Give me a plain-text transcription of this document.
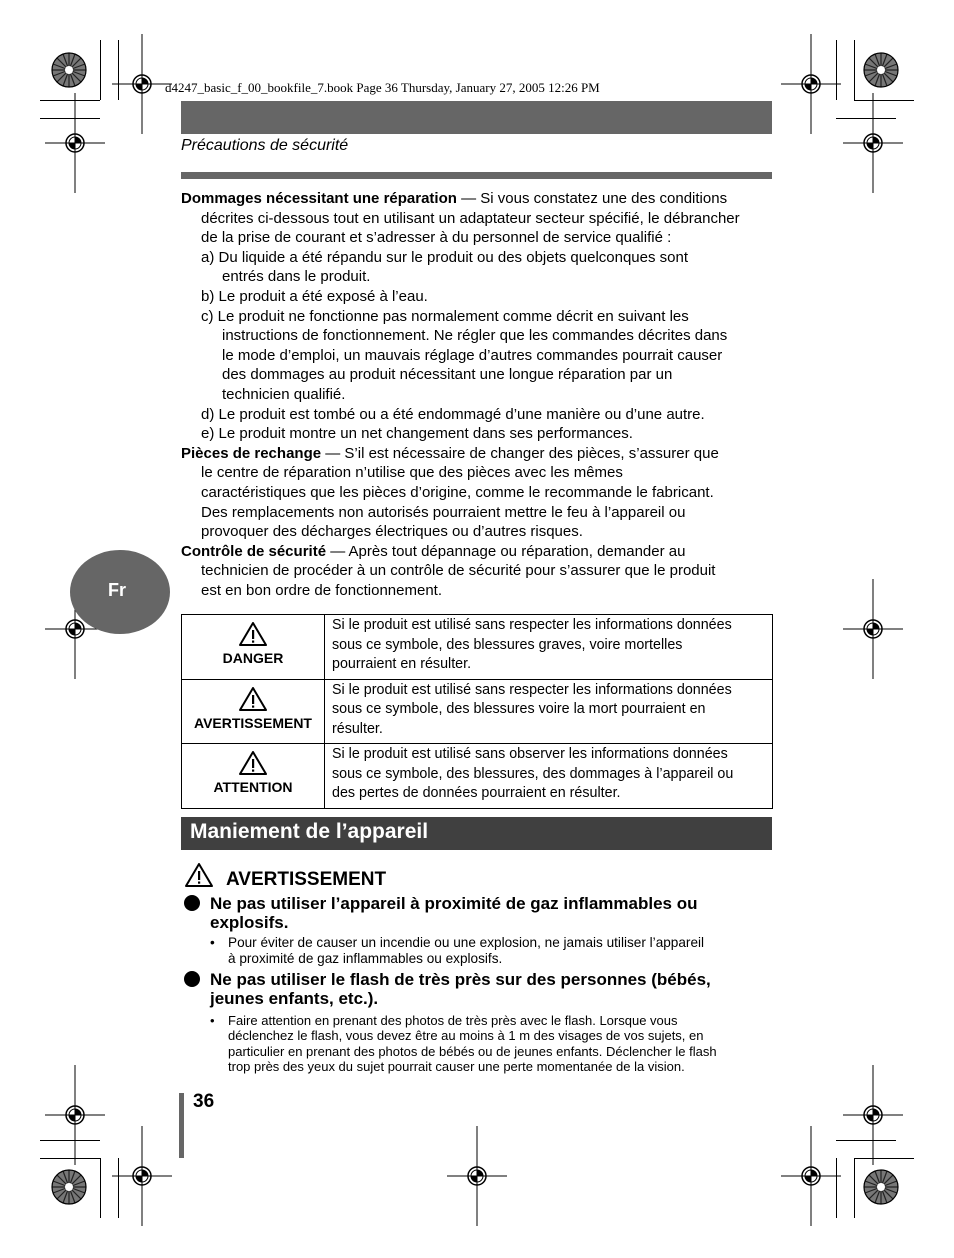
d4247_basic_f_00_bookfile_7.book Page 36 Thursday, January 27, 2005 12:26 PM
Précautions de sécurité
Fr

Dommages nécessitant une réparation — Si vous constatez une des conditions
décrites ci-dessous tout en utilisant un adaptateur secteur spécifié, le débrancher
de la prise de courant et s’adresser à du personnel de service qualifié :

a) Du liquide a été répandu sur le produit ou des objets quelconques sont
entrés dans le produit.

b) Le produit a été exposé à l’eau.

c) Le produit ne fonctionne pas normalement comme décrit en suivant les
instructions de fonctionnement. Ne régler que les commandes décrites dans
le mode d’emploi, un mauvais réglage d’autres commandes pourrait causer
des dommages au produit nécessitant une longue réparation par un
technicien qualifié.

d) Le produit est tombé ou a été endommagé d’une manière ou d’une autre.

e) Le produit montre un net changement dans ses performances.

Pièces de rechange — S’il est nécessaire de changer des pièces, s’assurer que
le centre de réparation n’utilise que des pièces avec les mêmes
caractéristiques que les pièces d’origine, comme le recommande le fabricant.
Des remplacements non autorisés pourraient mettre le feu à l’appareil ou
provoquer des décharges électriques ou d’autres risques.

Contrôle de sécurité — Après tout dépannage ou réparation, demander au
technicien de procéder à un contrôle de sécurité pour s’assurer que le produit
est en bon ordre de fonctionnement.

DANGER	Si le produit est utilisé sans respecter les informations données
sous ce symbole, des blessures graves, voire mortelles
pourraient en résulter.

AVERTISSEMENT	Si le produit est utilisé sans respecter les informations données
sous ce symbole, des blessures voire la mort pourraient en
résulter.

ATTENTION	Si le produit est utilisé sans observer les informations données
sous ce symbole, des blessures, des dommages à l’appareil ou
des pertes de données pourraient en résulter.
Maniement de l’appareil
AVERTISSEMENT
Ne pas utiliser l’appareil à proximité de gaz inflammables ou
explosifs.
• Pour éviter de causer un incendie ou une explosion, ne jamais utiliser l’appareil
à proximité de gaz inflammables ou explosifs.
Ne pas utiliser le flash de très près sur des personnes (bébés,
jeunes enfants, etc.).
• Faire attention en prenant des photos de très près avec le flash. Lorsque vous
déclenchez le flash, vous devez être au moins à 1 m des visages de vos sujets, en
particulier en prenant des photos de bébés ou de jeunes enfants. Déclencher le flash
trop près des yeux du sujet pourrait causer une perte momentanée de la vision.
36
